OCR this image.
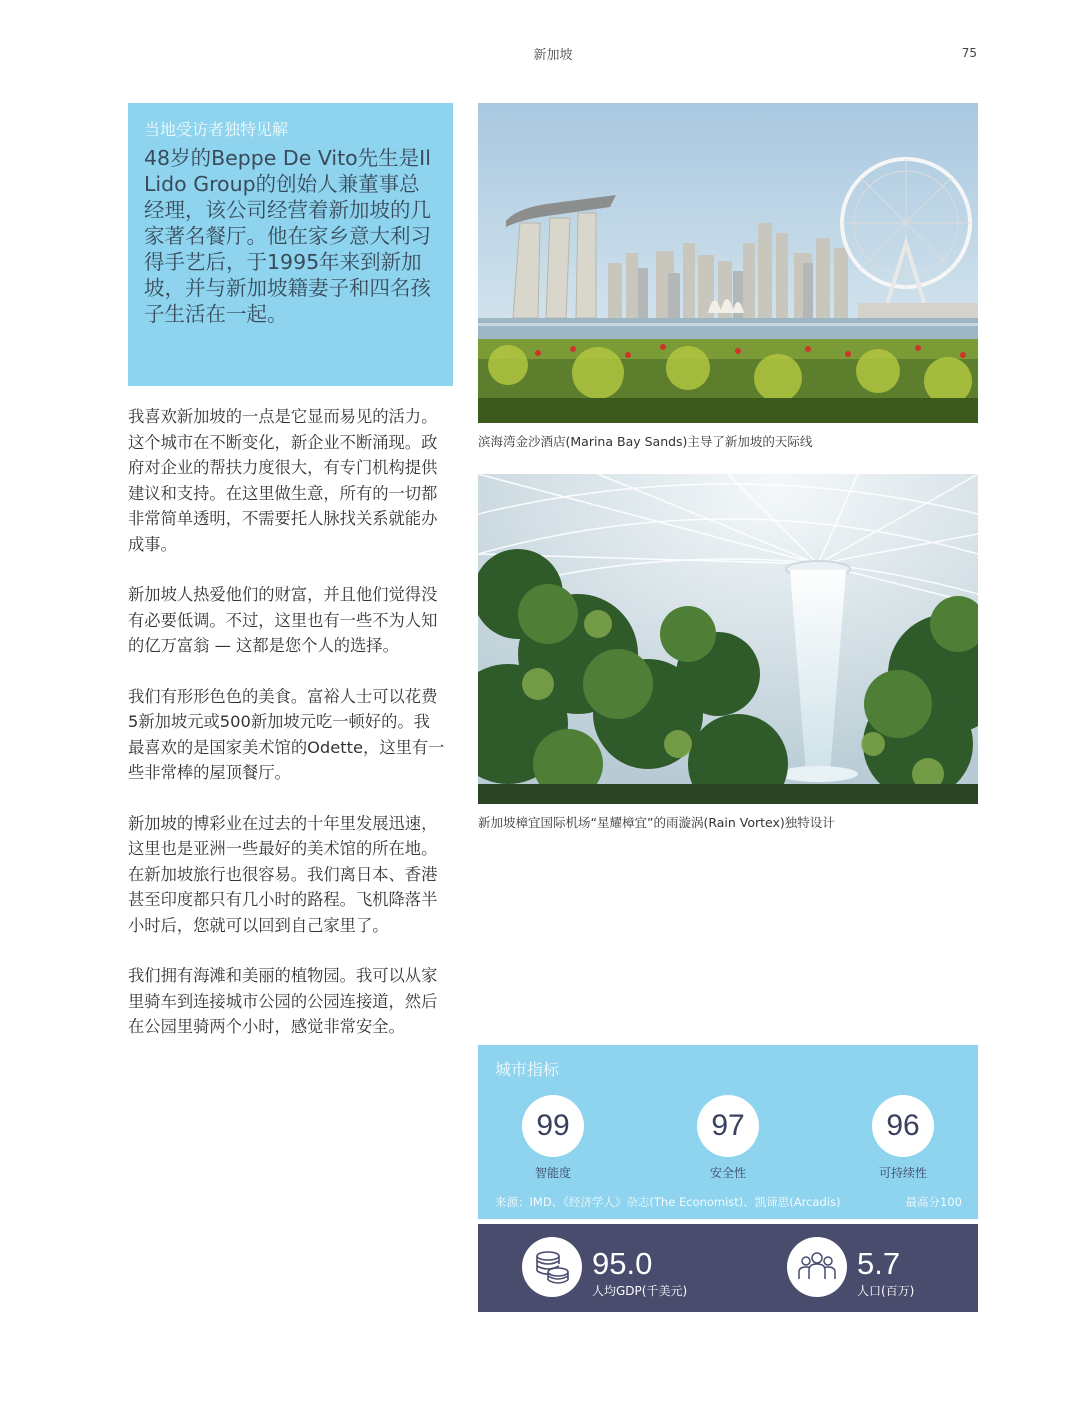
新加坡	75
当地受访者独特见解
48岁的Beppe De Vito先生是Il Lido Group的创始人兼董事总经理，该公司经营着新加坡的几家著名餐厅。他在家乡意大利习得手艺后，于1995年来到新加坡，并与新加坡籍妻子和四名孩子生活在一起。

我喜欢新加坡的一点是它显而易见的活力。这个城市在不断变化，新企业不断涌现。政府对企业的帮扶力度很大，有专门机构提供建议和支持。在这里做生意，所有的一切都非常简单透明，不需要托人脉找关系就能办成事。

新加坡人热爱他们的财富，并且他们觉得没有必要低调。不过，这里也有一些不为人知的亿万富翁 — 这都是您个人的选择。

我们有形形色色的美食。富裕人士可以花费5新加坡元或500新加坡元吃一顿好的。我最喜欢的是国家美术馆的Odette，这里有一些非常棒的屋顶餐厅。

新加坡的博彩业在过去的十年里发展迅速，这里也是亚洲一些最好的美术馆的所在地。在新加坡旅行也很容易。我们离日本、香港甚至印度都只有几小时的路程。飞机降落半小时后，您就可以回到自己家里了。

我们拥有海滩和美丽的植物园。我可以从家里骑车到连接城市公园的公园连接道，然后在公园里骑两个小时，感觉非常安全。

滨海湾金沙酒店(Marina Bay Sands)主导了新加坡的天际线
新加坡樟宜国际机场“星耀樟宜”的雨漩涡(Rain Vortex)独特设计
城市指标
99
智能度
97
安全性
96
可持续性
来源：IMD、《经济学人》杂志(The Economist)、凯谛思(Arcadis)	最高分100
95.0
人均GDP(千美元)
5.7
人口(百万)
